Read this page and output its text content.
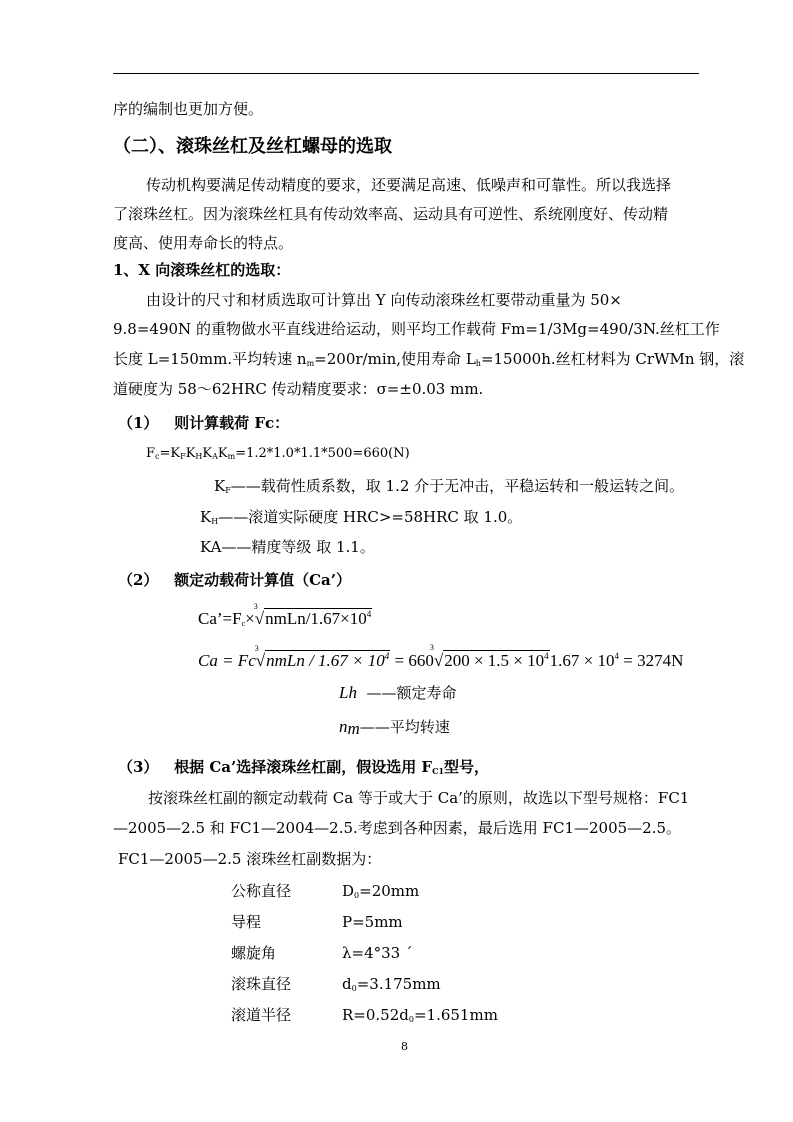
序的编制也更加方便。
（二）、滚珠丝杠及丝杠螺母的选取
传动机构要满足传动精度的要求，还要满足高速、低噪声和可靠性。所以我选择
了滚珠丝杠。因为滚珠丝杠具有传动效率高、运动具有可逆性、系统刚度好、传动精
度高、使用寿命长的特点。
1、X 向滚珠丝杠的选取：
由设计的尺寸和材质选取可计算出 Y 向传动滚珠丝杠要带动重量为 50×
9.8=490N 的重物做水平直线进给运动，则平均工作载荷 Fm=1/3Mg=490/3N.丝杠工作
长度 L=150mm.平均转速 $n_m=200r/\min$,使用寿命 $L_h=15000h$.丝杠材料为 CrWMn 钢，滚
道硬度为 58～62HRC 传动精度要求：σ=±0.03 mm.
（1） 则计算载荷 Fc：
$F_c=K_FK_HK_AK_m=1.2*1.0*1.1*500=660(N)$
$K_F——$载荷性质系数，取 1.2 介于无冲击，平稳运转和一般运转之间。
$K_H——$滚道实际硬度 HRC>=58HRC 取 1.0。
KA——精度等级 取 1.1。
（2） 额定动载荷计算值（Ca’）
$Ca’=F_c\times$
3
$√nmLn/1.67\times 10^4$
Ca = Fc
3
√nmLn / $1.67 \times 10^4 = 660$
3
$√200 \times 1.5 \times 10^41.67 \times 10^4 = 3274N$
Lh ——额定寿命
$n_m——$平均转速
（3） 根据 Ca’选择滚珠丝杠副，假设选用 $F_{C1}$型号，
按滚珠丝杠副的额定动载荷 Ca 等于或大于 Ca’的原则，故选以下型号规格：FC1
—2005—2.5 和 FC1—2004—2.5.考虑到各种因素，最后选用 FC1—2005—2.5。
FC1—2005—2.5 滚珠丝杠副数据为：
公称直径	$D_0=20mm$
导程	P=5mm
螺旋角	λ=4°33 ˊ
滚珠直径	$d_0=3.175mm$
滚道半径	$R=0.52d_0=1.651mm$
8
